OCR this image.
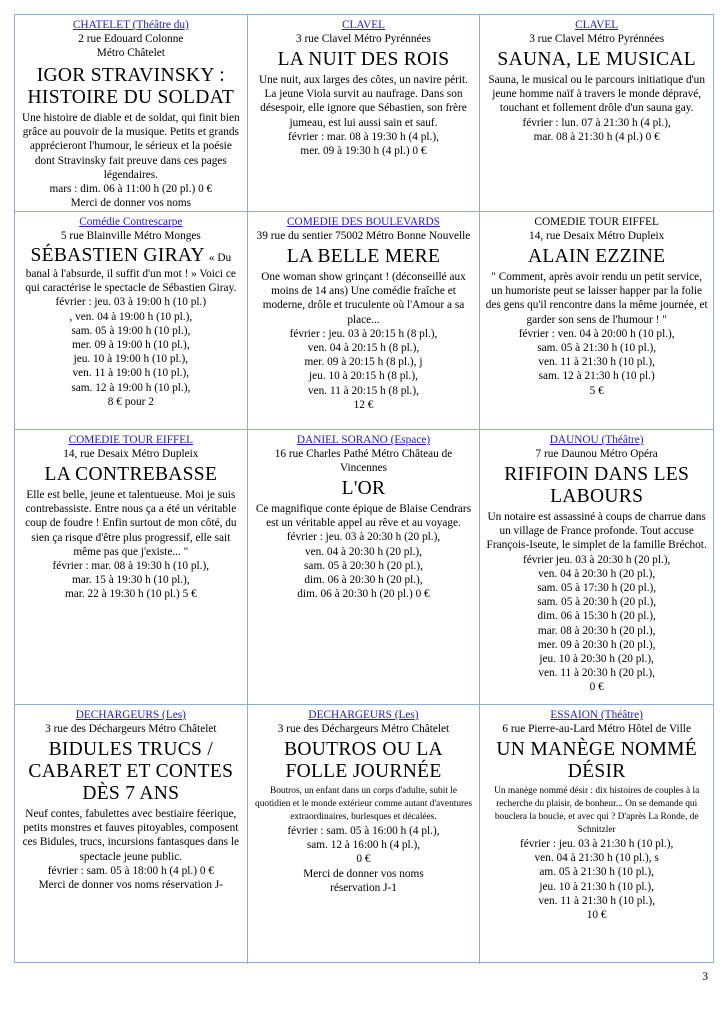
CHATELET (Théâtre du)
2 rue Edouard Colonne
Métro Châtelet
IGOR STRAVINSKY : HISTOIRE DU SOLDAT
Une histoire de diable et de soldat, qui finit bien grâce au pouvoir de la musique. Petits et grands apprécieront l'humour, le sérieux et la poésie dont Stravinsky fait preuve dans ces pages légendaires.
mars : dim. 06 à 11:00 h (20 pl.) 0 €
Merci de donner vos noms
CLAVEL
3 rue Clavel Métro Pyrénnées
LA NUIT DES ROIS
Une nuit, aux larges des côtes, un navire périt. La jeune Viola survit au naufrage. Dans son désespoir, elle ignore que Sébastien, son frère jumeau, est lui aussi sain et sauf.
février : mar. 08 à 19:30 h (4 pl.),
mer. 09 à 19:30 h (4 pl.) 0 €
CLAVEL
3 rue Clavel Métro Pyrénnées
SAUNA, LE MUSICAL
Sauna, le musical ou le parcours initiatique d'un jeune homme naïf à travers le monde dépravé, touchant et follement drôle d'un sauna gay.
février : lun. 07 à 21:30 h (4 pl.),
mar. 08 à 21:30 h (4 pl.) 0 €
Comédie Contrescarpe
5 rue Blainville Métro Monges
SÉBASTIEN GIRAY « Du
banal à l'absurde, il suffit d'un mot ! » Voici ce qui caractérise le spectacle de Sébastien Giray.
février : jeu. 03 à 19:00 h (10 pl.)
, ven. 04 à 19:00 h (10 pl.),
sam. 05 à 19:00 h (10 pl.),
mer. 09 à 19:00 h (10 pl.),
jeu. 10 à 19:00 h (10 pl.),
ven. 11 à 19:00 h (10 pl.),
sam. 12 à 19:00 h (10 pl.),
8 € pour 2
COMEDIE DES BOULEVARDS
39 rue du sentier 75002 Métro Bonne Nouvelle
LA BELLE MERE
One woman show grinçant ! (déconseillé aux moins de 14 ans) Une comédie fraîche et moderne, drôle et truculente où l'Amour a sa place...
février : jeu. 03 à 20:15 h (8 pl.),
ven. 04 à 20:15 h (8 pl.),
mer. 09 à 20:15 h (8 pl.), j
jeu. 10 à 20:15 h (8 pl.),
ven. 11 à 20:15 h (8 pl.),
12 €
COMEDIE TOUR EIFFEL
14, rue Desaix Métro Dupleix
ALAIN EZZINE
" Comment, après avoir rendu un petit service, un humoriste peut se laisser happer par la folie des gens qu'il rencontre dans la même journée, et garder son sens de l'humour ! "
février : ven. 04 à 20:00 h (10 pl.),
sam. 05 à 21:30 h (10 pl.),
ven. 11 à 21:30 h (10 pl.),
sam. 12 à 21:30 h (10 pl.)
5 €
COMEDIE TOUR EIFFEL
14, rue Desaix Métro Dupleix
LA CONTREBASSE
Elle est belle, jeune et talentueuse. Moi je suis contrebassiste. Entre nous ça a été un véritable coup de foudre ! Enfin surtout de mon côté, du sien ça risque d'être plus progressif, elle sait même pas que j'existe... "
février : mar. 08 à 19:30 h (10 pl.),
mar. 15 à 19:30 h (10 pl.),
mar. 22 à 19:30 h (10 pl.) 5 €
DANIEL SORANO (Espace)
16 rue Charles Pathé Métro Château de Vincennes
L'OR
Ce magnifique conte épique de Blaise Cendrars est un véritable appel au rêve et au voyage.
février : jeu. 03 à 20:30 h (20 pl.),
ven. 04 à 20:30 h (20 pl.),
sam. 05 à 20:30 h (20 pl.),
dim. 06 à 20:30 h (20 pl.),
dim. 06 à 20:30 h (20 pl.) 0 €
DAUNOU (Théâtre)
7 rue Daunou Métro Opéra
RIFIFOIN DANS LES LABOURS
Un notaire est assassiné à coups de charrue dans un village de France profonde. Tout accuse François-Iseute, le simplet de la famille Bréchot.
février jeu. 03 à 20:30 h (20 pl.),
ven. 04 à 20:30 h (20 pl.),
sam. 05 à 17:30 h (20 pl.),
sam. 05 à 20:30 h (20 pl.),
dim. 06 à 15:30 h (20 pl.),
mar. 08 à 20:30 h (20 pl.),
mer. 09 à 20:30 h (20 pl.),
jeu. 10 à 20:30 h (20 pl.),
ven. 11 à 20:30 h (20 pl.),
0 €
DECHARGEURS (Les)
3 rue des Déchargeurs Métro Châtelet
BIDULES TRUCS / CABARET ET CONTES DÈS 7 ANS
Neuf contes, fabulettes avec bestiaire féerique, petits monstres et fauves pitoyables, composent ces Bidules, trucs, incursions fantasques dans le spectacle jeune public.
février : sam. 05 à 18:00 h (4 pl.) 0 €
Merci de donner vos noms réservation J-
DECHARGEURS (Les)
3 rue des Déchargeurs Métro Châtelet
BOUTROS OU LA FOLLE JOURNÉE
Boutros, un enfant dans un corps d'adulte, subit le quotidien et le monde extérieur comme autant d'aventures extraordinaires, burlesques et décalées.
février : sam. 05 à 16:00 h (4 pl.),
sam. 12 à 16:00 h (4 pl.),
0 €
Merci de donner vos noms
réservation J-1
ESSAION (Théâtre)
6 rue Pierre-au-Lard Métro Hôtel de Ville
UN MANÈGE NOMMÉ DÉSIR
Un manège nommé désir : dix histoires de couples à la recherche du plaisir, de bonheur... On se demande qui bouclera la boucle, et avec qui ? D'après La Ronde, de Schnitzler
février : jeu. 03 à 21:30 h (10 pl.),
ven. 04 à 21:30 h (10 pl.), s
am. 05 à 21:30 h (10 pl.),
jeu. 10 à 21:30 h (10 pl.),
ven. 11 à 21:30 h (10 pl.),
10 €
3
